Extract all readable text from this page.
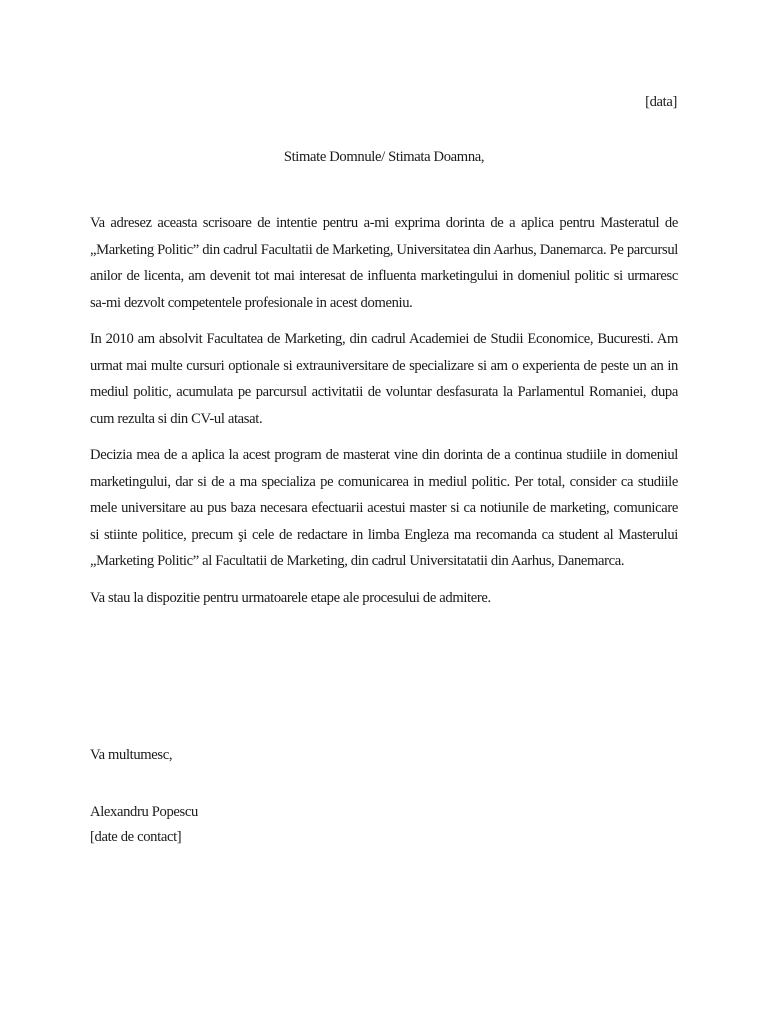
[data]
Stimate Domnule/ Stimata Doamna,

Va adresez aceasta scrisoare de intentie pentru a-mi exprima dorinta de a aplica pentru Masteratul de „Marketing Politic” din cadrul Facultatii de Marketing, Universitatea din Aarhus, Danemarca. Pe parcursul anilor de licenta, am devenit tot mai interesat de influenta marketingului in domeniul politic si urmaresc sa-mi dezvolt competentele profesionale in acest domeniu.

In 2010 am absolvit Facultatea de Marketing, din cadrul Academiei de Studii Economice, Bucuresti. Am urmat mai multe cursuri optionale si extrauniversitare de specializare si am o experienta de peste un an in mediul politic, acumulata pe parcursul activitatii de voluntar desfasurata la Parlamentul Romaniei, dupa cum rezulta si din CV-ul atasat.

Decizia mea de a aplica la acest program de masterat vine din dorinta de a continua studiile in domeniul marketingului, dar si de a ma specializa pe comunicarea in mediul politic. Per total, consider ca studiile mele universitare au pus baza necesara efectuarii acestui master si ca notiunile de marketing, comunicare si stiinte politice, precum şi cele de redactare in limba Engleza ma recomanda ca student al Masterului „Marketing Politic” al Facultatii de Marketing, din cadrul Universitatatii din Aarhus, Danemarca.

Va stau la dispozitie pentru urmatoarele etape ale procesului de admitere.

Va multumesc,
Alexandru Popescu
[date de contact]
